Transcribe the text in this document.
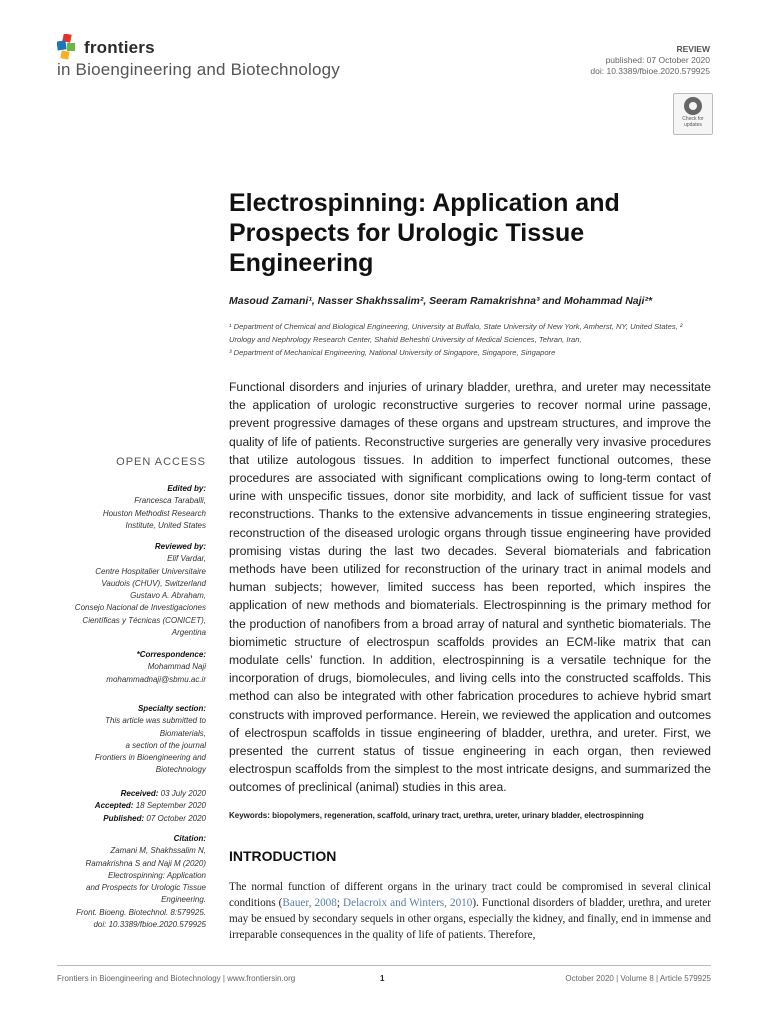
frontiers
in Bioengineering and Biotechnology
REVIEW
published: 07 October 2020
doi: 10.3389/fbioe.2020.579925
Check for
updates
Electrospinning: Application and Prospects for Urologic Tissue Engineering
Masoud Zamani¹, Nasser Shakhssalim², Seeram Ramakrishna³ and Mohammad Naji²*

¹ Department of Chemical and Biological Engineering, University at Buffalo, State University of New York, Amherst, NY, United States, ² Urology and Nephrology Research Center, Shahid Beheshti University of Medical Sciences, Tehran, Iran,

³ Department of Mechanical Engineering, National University of Singapore, Singapore, Singapore

Functional disorders and injuries of urinary bladder, urethra, and ureter may necessitate the application of urologic reconstructive surgeries to recover normal urine passage, prevent progressive damages of these organs and upstream structures, and improve the quality of life of patients. Reconstructive surgeries are generally very invasive procedures that utilize autologous tissues. In addition to imperfect functional outcomes, these procedures are associated with significant complications owing to long-term contact of urine with unspecific tissues, donor site morbidity, and lack of sufficient tissue for vast reconstructions. Thanks to the extensive advancements in tissue engineering strategies, reconstruction of the diseased urologic organs through tissue engineering have provided promising vistas during the last two decades. Several biomaterials and fabrication methods have been utilized for reconstruction of the urinary tract in animal models and human subjects; however, limited success has been reported, which inspires the application of new methods and biomaterials. Electrospinning is the primary method for the production of nanofibers from a broad array of natural and synthetic biomaterials. The biomimetic structure of electrospun scaffolds provides an ECM-like matrix that can modulate cells’ function. In addition, electrospinning is a versatile technique for the incorporation of drugs, biomolecules, and living cells into the constructed scaffolds. This method can also be integrated with other fabrication procedures to achieve hybrid smart constructs with improved performance. Herein, we reviewed the application and outcomes of electrospun scaffolds in tissue engineering of bladder, urethra, and ureter. First, we presented the current status of tissue engineering in each organ, then reviewed electrospun scaffolds from the simplest to the most intricate designs, and summarized the outcomes of preclinical (animal) studies in this area.
Keywords: biopolymers, regeneration, scaffold, urinary tract, urethra, ureter, urinary bladder, electrospinning
OPEN ACCESS
Edited by:
Francesca Taraballi,
Houston Methodist Research
Institute, United States
Reviewed by:
Elif Vardar,
Centre Hospitalier Universitaire
Vaudois (CHUV), Switzerland
Gustavo A. Abraham,
Consejo Nacional de Investigaciones
Científicas y Técnicas (CONICET),
Argentina
*Correspondence:
Mohammad Naji
mohammadnaji@sbmu.ac.ir
Specialty section:
This article was submitted to
Biomaterials,
a section of the journal
Frontiers in Bioengineering and
Biotechnology
Received: 03 July 2020
Accepted: 18 September 2020
Published: 07 October 2020
Citation:
Zamani M, Shakhssalim N,
Ramakrishna S and Naji M (2020)
Electrospinning: Application
and Prospects for Urologic Tissue
Engineering.
Front. Bioeng. Biotechnol. 8:579925.
doi: 10.3389/fbioe.2020.579925
INTRODUCTION
The normal function of different organs in the urinary tract could be compromised in several clinical conditions (Bauer, 2008; Delacroix and Winters, 2010). Functional disorders of bladder, urethra, and ureter may be ensued by secondary sequels in other organs, especially the kidney, and finally, end in immense and irreparable consequences in the quality of life of patients. Therefore,
Frontiers in Bioengineering and Biotechnology | www.frontiersin.org	1	October 2020 | Volume 8 | Article 579925
